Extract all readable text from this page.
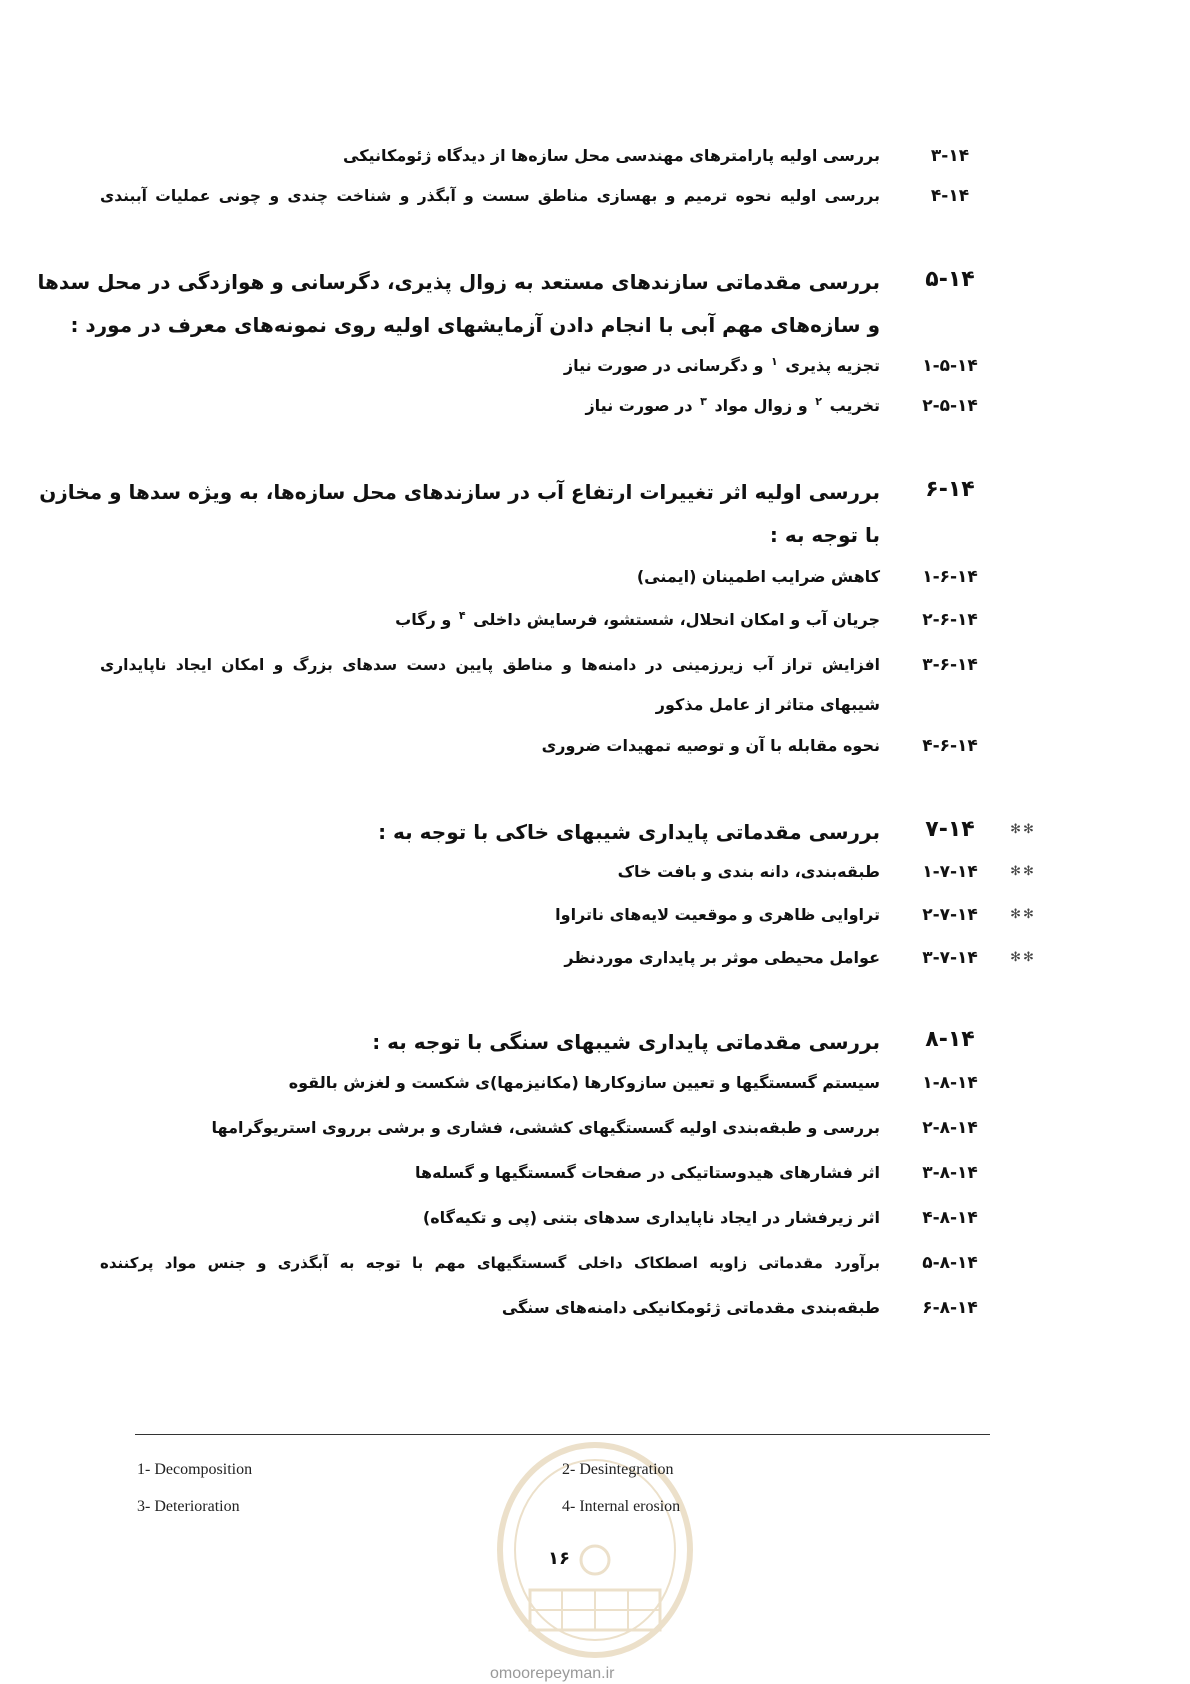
۳-۱۴
بررسی اولیه پارامترهای مهندسی محل سازه‌ها از دیدگاه ژئومکانیکی
۴-۱۴
بررسی اولیه نحوه ترمیم و بهسازی مناطق سست و آبگذر و شناخت چندی و چونی عملیات آببندی
۵-۱۴
بررسی مقدماتی سازندهای مستعد به زوال پذیری، دگرسانی و هوازدگی در محل سدها
و سازه‌های مهم آبی با انجام دادن آزمایشهای اولیه روی نمونه‌های معرف در مورد :
۱-۵-۱۴
تجزیه پذیری $^۱$ و دگرسانی در صورت نیاز
۲-۵-۱۴
تخریب $^۲$ و زوال مواد $^۳$ در صورت نیاز
۶-۱۴
بررسی اولیه اثر تغییرات ارتفاع آب در سازندهای محل سازه‌ها، به ویژه سدها و مخازن
با توجه به :
۱-۶-۱۴
کاهش ضرایب اطمینان (ایمنی)
۲-۶-۱۴
جریان آب و امکان انحلال، شستشو، فرسایش داخلی $^۴$ و رگاب
۳-۶-۱۴
افزایش تراز آب زیرزمینی در دامنه‌ها و مناطق پایین دست سدهای بزرگ و امکان ایجاد ناپایداری
شیبهای متاثر از عامل مذکور
۴-۶-۱۴
نحوه مقابله با آن و توصیه تمهیدات ضروری
✻✻
۷-۱۴
بررسی مقدماتی پایداری شیبهای خاکی با توجه به :
✻✻
۱-۷-۱۴
طبقه‌بندی، دانه بندی و بافت خاک
✻✻
۲-۷-۱۴
تراوایی ظاهری و موقعیت لایه‌های ناتراوا
✻✻
۳-۷-۱۴
عوامل محیطی موثر بر پایداری موردنظر
۸-۱۴
بررسی مقدماتی پایداری شیبهای سنگی با توجه به :
۱-۸-۱۴
سیستم گسستگیها و تعیین سازوکارها (مکانیزمها)ی شکست و لغزش بالقوه
۲-۸-۱۴
بررسی و طبقه‌بندی اولیه گسستگیهای کششی، فشاری و برشی برروی استریوگرامها
۳-۸-۱۴
اثر فشارهای هیدوستاتیکی در صفحات گسستگیها و گسله‌ها
۴-۸-۱۴
اثر زیرفشار در ایجاد ناپایداری سدهای بتنی (پی و تکیه‌گاه)
۵-۸-۱۴
برآورد مقدماتی زاویه اصطکاک داخلی گسستگیهای مهم با توجه به آبگذری و جنس مواد پرکننده
۶-۸-۱۴
طبقه‌بندی مقدماتی ژئومکانیکی دامنه‌های سنگی
1- Decomposition	2- Desintegration
3- Deterioration	4- Internal erosion
۱۶
omoorepeyman.ir
